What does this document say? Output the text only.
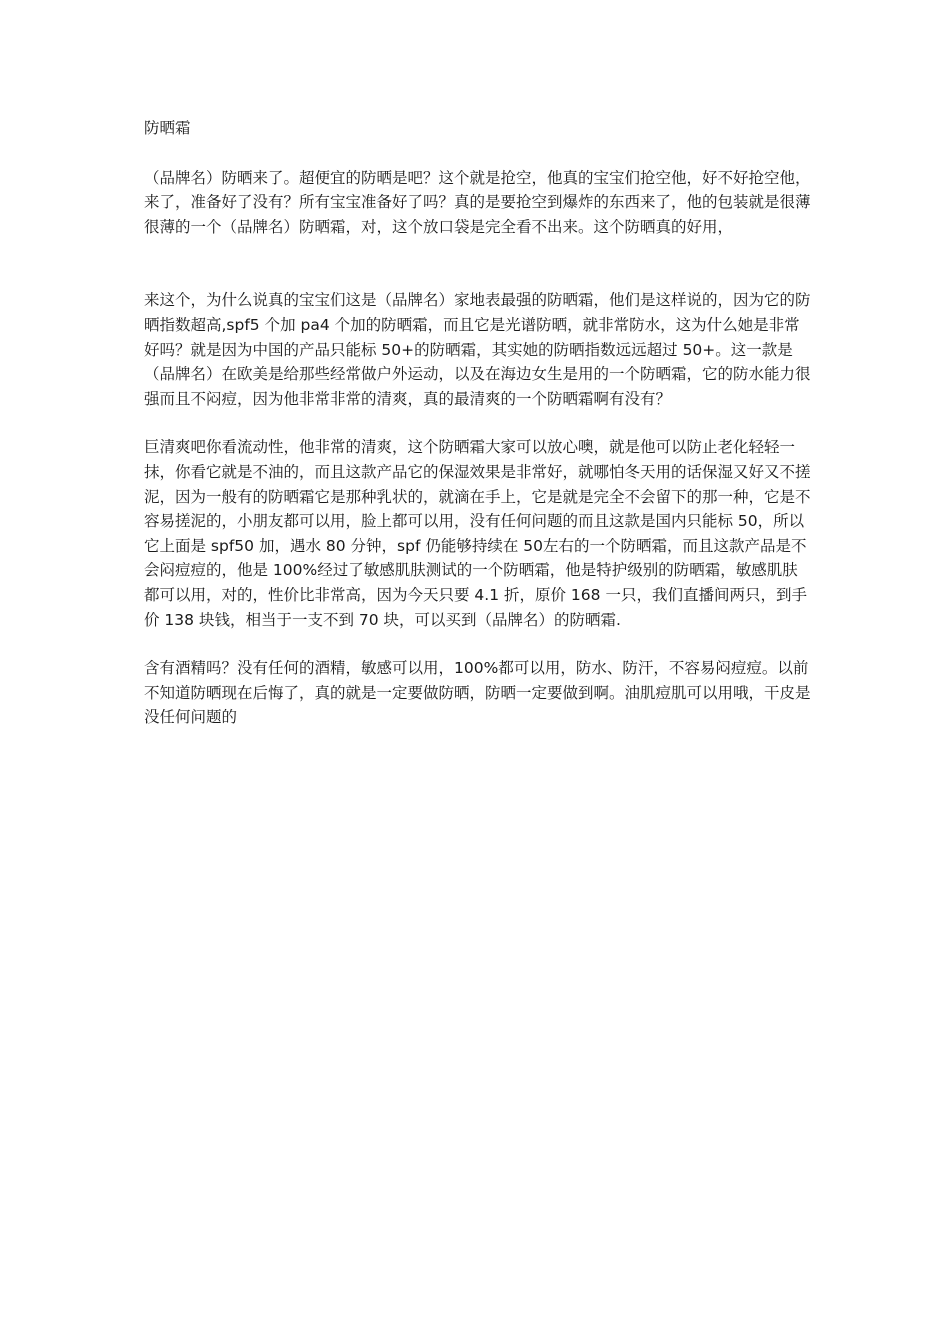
防晒霜

（品牌名）防晒来了。超便宜的防晒是吧？这个就是抢空，他真的宝宝们抢空他，好不好抢空他，来了，准备好了没有？所有宝宝准备好了吗？真的是要抢空到爆炸的东西来了，他的包装就是很薄很薄的一个（品牌名）防晒霜，对，这个放口袋是完全看不出来。这个防晒真的好用，

来这个，为什么说真的宝宝们这是（品牌名）家地表最强的防晒霜，他们是这样说的，因为它的防晒指数超高,spf5 个加 pa4 个加的防晒霜，而且它是光谱防晒，就非常防水，这为什么她是非常好吗？就是因为中国的产品只能标 50+的防晒霜，其实她的防晒指数远远超过 50+。这一款是（品牌名）在欧美是给那些经常做户外运动，以及在海边女生是用的一个防晒霜，它的防水能力很强而且不闷痘，因为他非常非常的清爽，真的最清爽的一个防晒霜啊有没有？

巨清爽吧你看流动性，他非常的清爽，这个防晒霜大家可以放心噢，就是他可以防止老化轻轻一抹，你看它就是不油的，而且这款产品它的保湿效果是非常好，就哪怕冬天用的话保湿又好又不搓泥，因为一般有的防晒霜它是那种乳状的，就滴在手上，它是就是完全不会留下的那一种，它是不容易搓泥的，小朋友都可以用，脸上都可以用，没有任何问题的而且这款是国内只能标 50，所以它上面是 spf50 加，遇水 80 分钟，spf 仍能够持续在 50左右的一个防晒霜，而且这款产品是不会闷痘痘的，他是 100%经过了敏感肌肤测试的一个防晒霜，他是特护级别的防晒霜，敏感肌肤都可以用，对的，性价比非常高，因为今天只要 4.1 折，原价 168 一只，我们直播间两只，到手价 138 块钱，相当于一支不到 70 块，可以买到（品牌名）的防晒霜.

含有酒精吗？没有任何的酒精，敏感可以用，100%都可以用，防水、防汗，不容易闷痘痘。以前不知道防晒现在后悔了，真的就是一定要做防晒，防晒一定要做到啊。油肌痘肌可以用哦，干皮是没任何问题的
